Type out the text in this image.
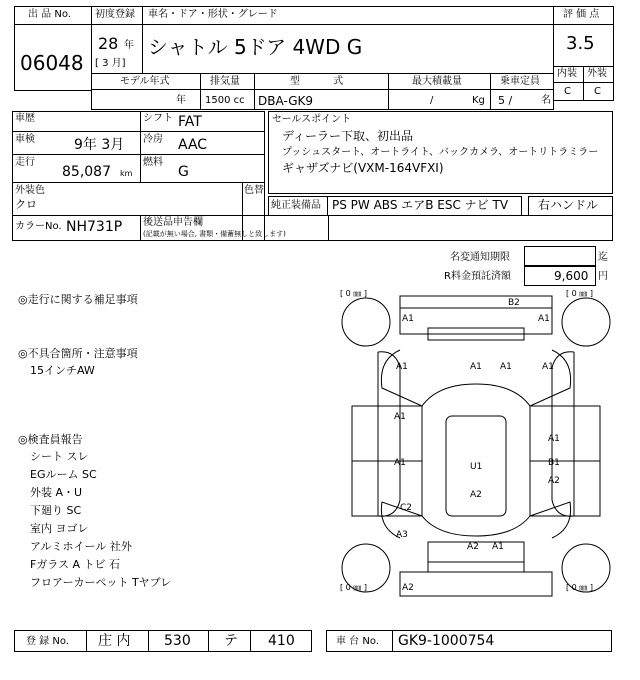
出 品 No.
06048
初度登録
28 年
[ 3 月]
車名・ドア・形状・グレード
シャトル 5ドア 4WD G
評 価 点
3.5
内装 外装
C C
モデル年式
年
排気量
1500 cc
型 式
DBA-GK9
最大積載量
/	Kg
乗車定員
5 /	名
車歴
車検	9年 3月
シフト FAT
冷房 AAC
走行
85,087 km
燃料
G
外装色
クロ
色替
カラーNo. NH731P 後送品申告欄
(記載が無い場合, 書類・備蓄無しと致します)
セールスポイント
ディーラー下取、初出品
プッシュスタート、オートライト、バックカメラ、オートリトラミラー
ギャザズナビ(VXM-164VFXI)
純正装備品 PS PW ABS エアB ESC ナビ TV 右ハンドル
名変通知期限	迄
R料金預託済額	9,600 円
◎走行に関する補足事項
◎不具合箇所・注意事項
15インチAW
◎検査員報告
シート スレ
EGルーム SC
外装 A・U
下廻り SC
室内 ヨゴレ
アルミホイール 社外
Fガラス A トビ 石
フロアーカーペット Tヤブレ
[ 0 ㎜ ]	[ 0 ㎜ ]
[ 0 ㎜ ]	[ 0 ㎜ ]
B2
A1	A1
A1	A1 A1	A1
A1
A1
A1	U1	B1
A2
A2
C2
A3
A2 A1
A2
登 録 No. 庄 内 530 テ 410	車 台 No. GK9-1000754
